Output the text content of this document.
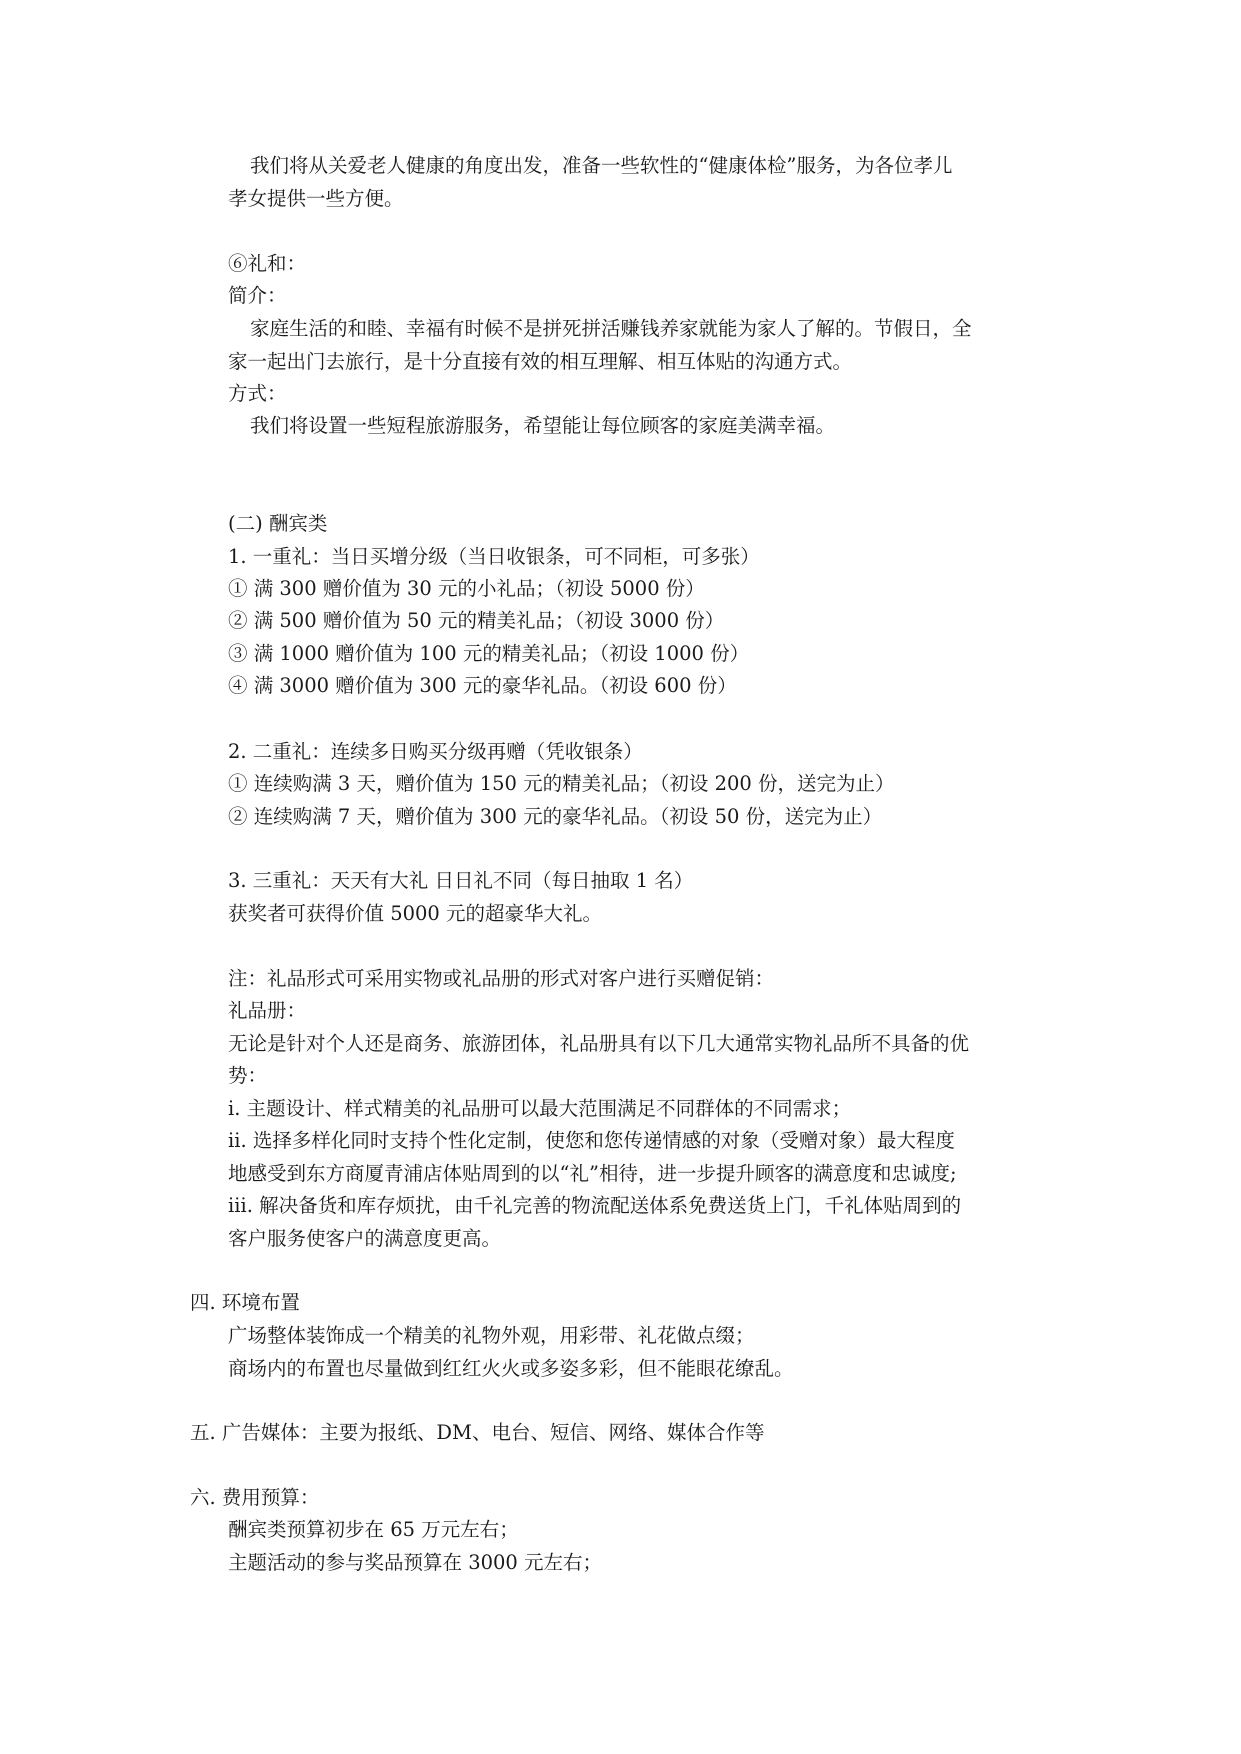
我们将从关爱老人健康的角度出发，准备一些软性的“健康体检”服务，为各位孝儿
孝女提供一些方便。
⑥礼和：
简介：
家庭生活的和睦、幸福有时候不是拼死拼活赚钱养家就能为家人了解的。节假日，全
家一起出门去旅行，是十分直接有效的相互理解、相互体贴的沟通方式。
方式：
我们将设置一些短程旅游服务，希望能让每位顾客的家庭美满幸福。
(二) 酬宾类
1. 一重礼：当日买增分级（当日收银条，可不同柜，可多张）
① 满 300 赠价值为 30 元的小礼品；（初设 5000 份）
② 满 500 赠价值为 50 元的精美礼品；（初设 3000 份）
③ 满 1000 赠价值为 100 元的精美礼品；（初设 1000 份）
④ 满 3000 赠价值为 300 元的豪华礼品。（初设 600 份）
2. 二重礼：连续多日购买分级再赠（凭收银条）
① 连续购满 3 天，赠价值为 150 元的精美礼品；（初设 200 份，送完为止）
② 连续购满 7 天，赠价值为 300 元的豪华礼品。（初设 50 份，送完为止）
3. 三重礼：天天有大礼 日日礼不同（每日抽取 1 名）
获奖者可获得价值 5000 元的超豪华大礼。
注：礼品形式可采用实物或礼品册的形式对客户进行买赠促销：
礼品册：
无论是针对个人还是商务、旅游团体，礼品册具有以下几大通常实物礼品所不具备的优
势：
ⅰ. 主题设计、样式精美的礼品册可以最大范围满足不同群体的不同需求；
ⅱ. 选择多样化同时支持个性化定制，使您和您传递情感的对象（受赠对象）最大程度
地感受到东方商厦青浦店体贴周到的以“礼”相待，进一步提升顾客的满意度和忠诚度;
ⅲ. 解决备货和库存烦扰，由千礼完善的物流配送体系免费送货上门，千礼体贴周到的
客户服务使客户的满意度更高。
四. 环境布置
广场整体装饰成一个精美的礼物外观，用彩带、礼花做点缀；
商场内的布置也尽量做到红红火火或多姿多彩，但不能眼花缭乱。
五. 广告媒体：主要为报纸、DM、电台、短信、网络、媒体合作等
六. 费用预算：
酬宾类预算初步在 65 万元左右；
主题活动的参与奖品预算在 3000 元左右；
